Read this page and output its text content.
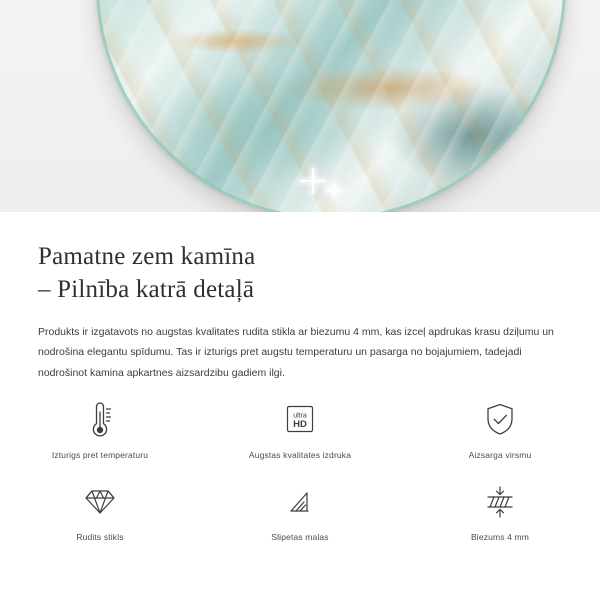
Pamatne zem kamīna
– Pilnība katrā detaļā

Produkts ir izgatavots no augstas kvalitates rudita stikla ar biezumu 4 mm, kas izceļ apdrukas krasu dziļumu un nodrošina elegantu spīdumu. Tas ir izturigs pret augstu temperaturu un pasarga no bojajumiem, tadejadi nodrošinot kamina apkartnes aizsardzibu gadiem ilgi.

Izturigs pret temperaturu
ultra
HD
Augstas kvalitates izdruka	Aizsarga virsmu
Rudits stikls	Slipetas malas	Biezums 4 mm
